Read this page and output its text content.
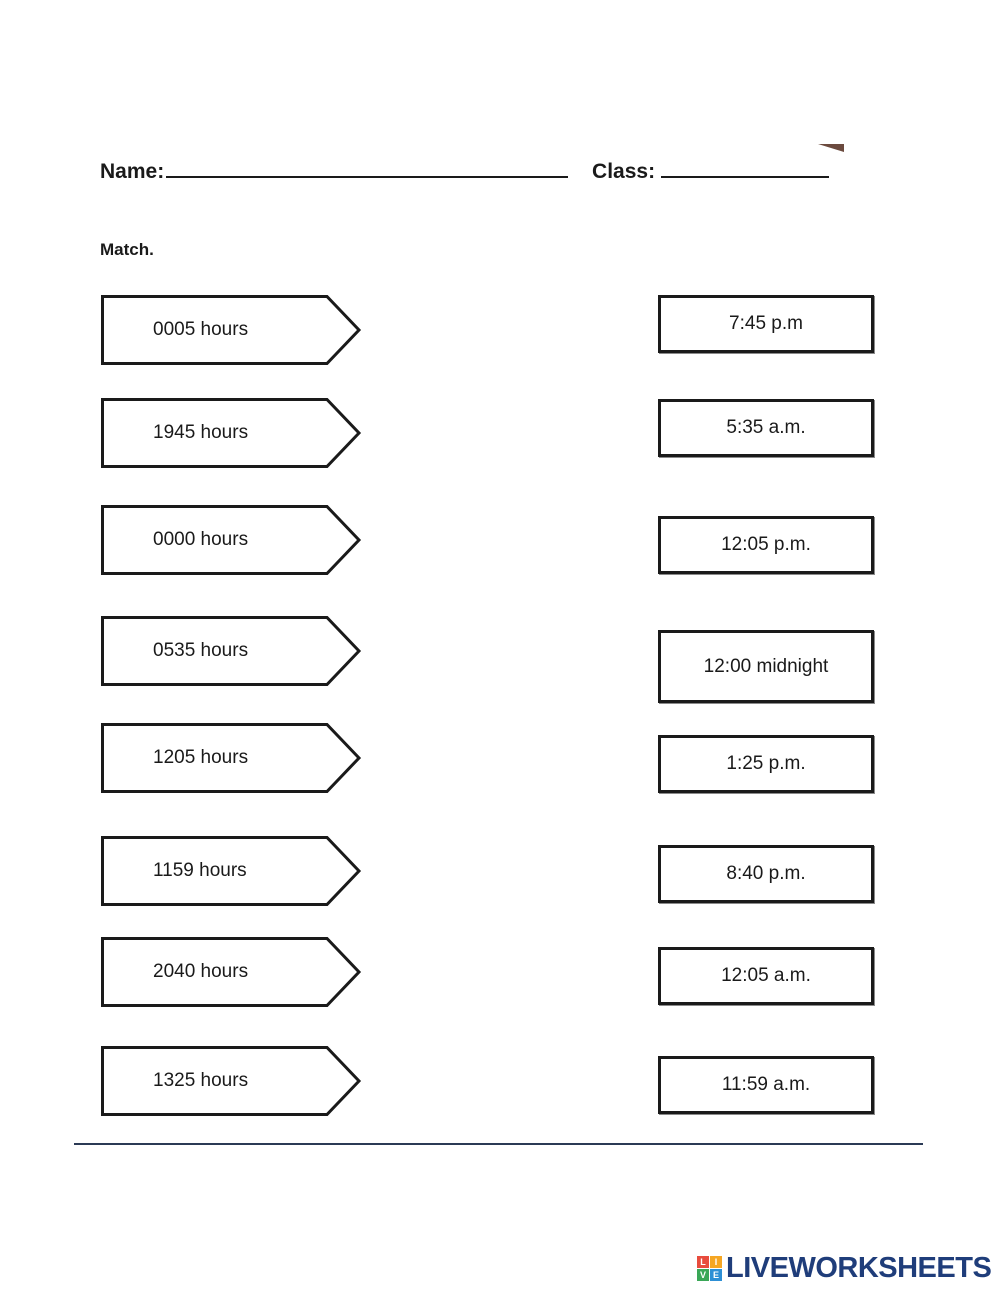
Name:	Class:
Match.
0005 hours
1945 hours
0000 hours
0535 hours
1205 hours
1159 hours
2040 hours
1325 hours
7:45 p.m
5:35 a.m.
12:05 p.m.
12:00 midnight
1:25 p.m.
8:40 p.m.
12:05 a.m.
11:59 a.m.
L I
V E LIVEWORKSHEETS
